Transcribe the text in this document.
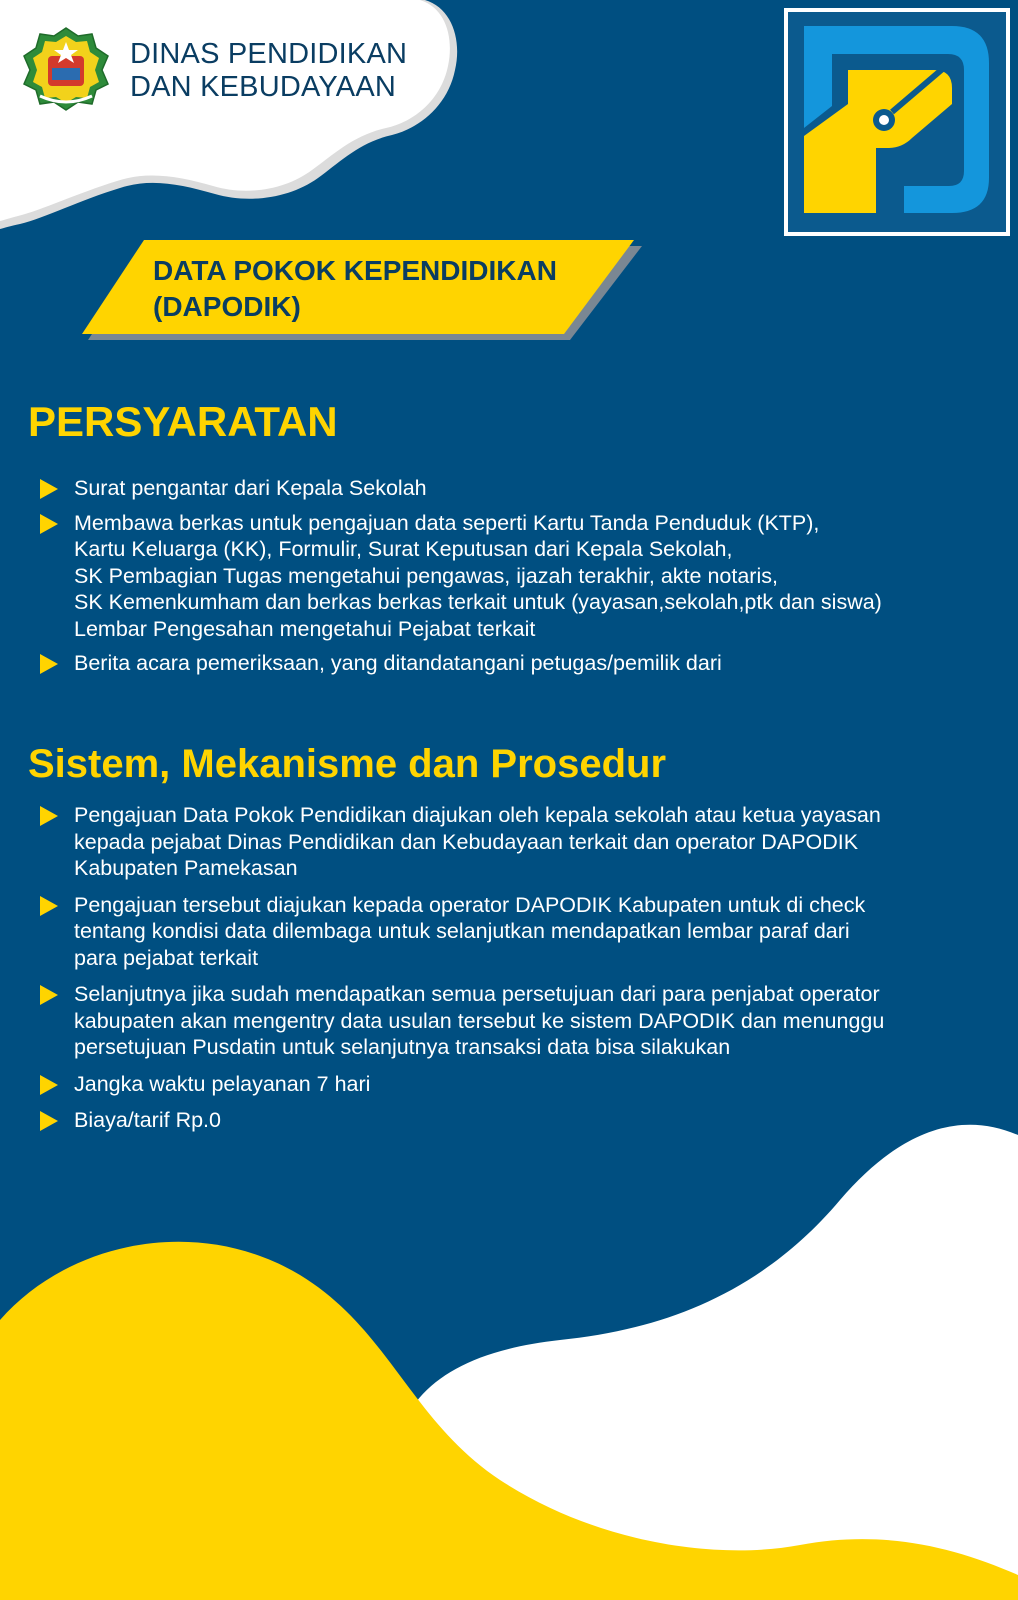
DINAS PENDIDIKAN
DAN KEBUDAYAAN
DATA POKOK KEPENDIDIKAN
(DAPODIK)
PERSYARATAN
Surat pengantar dari Kepala Sekolah
Membawa berkas untuk pengajuan data seperti Kartu Tanda Penduduk (KTP),
Kartu Keluarga (KK), Formulir, Surat Keputusan dari Kepala Sekolah,
SK Pembagian Tugas mengetahui pengawas, ijazah terakhir, akte notaris,
SK Kemenkumham dan berkas berkas terkait untuk (yayasan,sekolah,ptk dan siswa)
Lembar Pengesahan mengetahui Pejabat terkait
Berita acara pemeriksaan, yang ditandatangani petugas/pemilik dari
Sistem, Mekanisme dan Prosedur
Pengajuan Data Pokok Pendidikan diajukan oleh kepala sekolah atau ketua yayasan
kepada pejabat Dinas Pendidikan dan Kebudayaan terkait dan operator DAPODIK
Kabupaten Pamekasan
Pengajuan tersebut diajukan kepada operator DAPODIK Kabupaten untuk di check
tentang kondisi data dilembaga untuk selanjutkan mendapatkan lembar paraf dari
para pejabat terkait
Selanjutnya jika sudah mendapatkan semua persetujuan dari para penjabat operator
kabupaten akan mengentry data usulan tersebut ke sistem DAPODIK dan menunggu
persetujuan Pusdatin untuk selanjutnya transaksi data bisa silakukan
Jangka waktu pelayanan 7 hari
Biaya/tarif Rp.0
